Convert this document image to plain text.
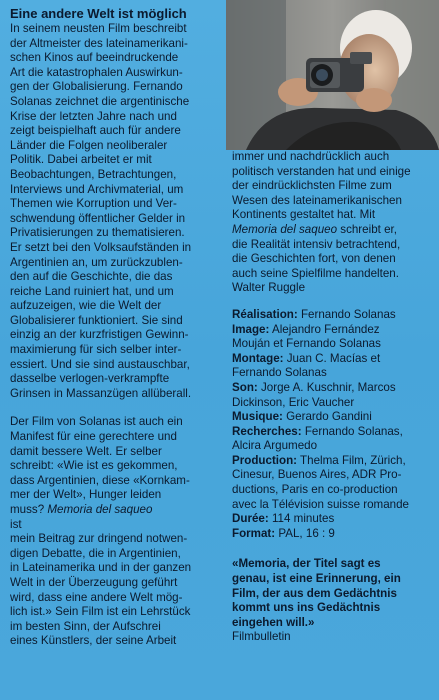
Eine andere Welt ist möglich
In seinem neusten Film beschreibt
der Altmeister des lateinamerikani-
schen Kinos auf beeindruckende
Art die katastrophalen Auswirkun-
gen der Globalisierung. Fernando
Solanas zeichnet die argentinische
Krise der letzten Jahre nach und
zeigt beispielhaft auch für andere
Länder die Folgen neoliberaler
Politik. Dabei arbeitet er mit
Beobachtungen, Betrachtungen,
Interviews und Archivmaterial, um
Themen wie Korruption und Ver-
schwendung öffentlicher Gelder in
Privatisierungen zu thematisieren.
Er setzt bei den Volksaufständen in
Argentinien an, um zurückzublen-
den auf die Geschichte, die das
reiche Land ruiniert hat, und um
aufzuzeigen, wie die Welt der
Globalisierer funktioniert. Sie sind
einzig an der kurzfristigen Gewinn-
maximierung für sich selber inter-
essiert. Und sie sind austauschbar,
dasselbe verlogen-verkrampfte
Grinsen in Massanzügen allüberall.
Der Film von Solanas ist auch ein
Manifest für eine gerechtere und
damit bessere Welt. Er selber
schreibt: «Wie ist es gekommen,
dass Argentinien, diese «Kornkam-
mer der Welt», Hunger leiden
muss? Memoria del saqueo
ist
mein Beitrag zur dringend notwen-
digen Debatte, die in Argentinien,
in Lateinamerika und in der ganzen
Welt in der Überzeugung geführt
wird, dass eine andere Welt mög-
lich ist.» Sein Film ist ein Lehrstück
im besten Sinn, der Aufschrei
eines Künstlers, der seine Arbeit
immer und nachdrücklich auch
politisch verstanden hat und einige
der eindrücklichsten Filme zum
Wesen des lateinamerikanischen
Kontinents gestaltet hat. Mit
Memoria del saqueo schreibt er,
die Realität intensiv betrachtend,
die Geschichten fort, von denen
auch seine Spielfilme handelten.
Walter Ruggle
Réalisation: Fernando Solanas
Image: Alejandro Fernández
Mouján et Fernando Solanas
Montage: Juan C. Macías et
Fernando Solanas
Son: Jorge A. Kuschnir, Marcos
Dickinson, Eric Vaucher
Musique: Gerardo Gandini
Recherches: Fernando Solanas,
Alcira Argumedo
Production: Thelma Film, Zürich,
Cinesur, Buenos Aires, ADR Pro-
ductions, Paris en co-production
avec la Télévision suisse romande
Durée: 114 minutes
Format: PAL, 16 : 9
«Memoria, der Titel sagt es
genau, ist eine Erinnerung, ein
Film, der aus dem Gedächtnis
kommt uns ins Gedächtnis
eingehen will.»
Filmbulletin
